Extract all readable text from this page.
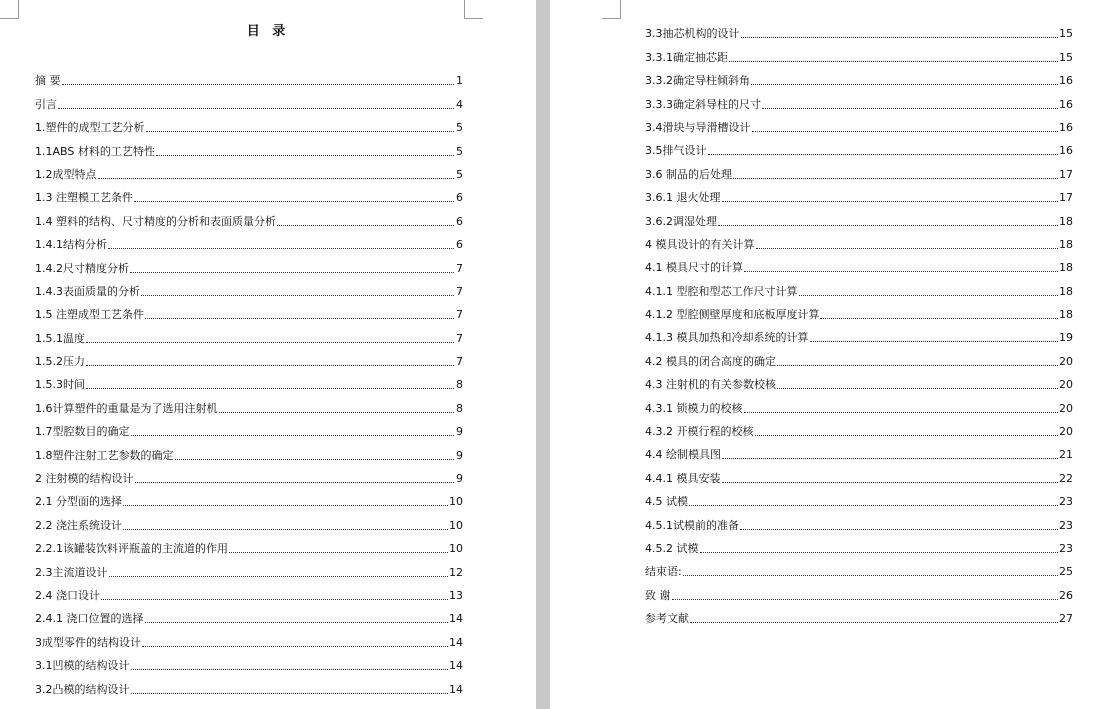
目 录
摘 要	1
引言	4
1.塑件的成型工艺分析	5
1.1ABS 材料的工艺特性	5
1.2成型特点	5
1.3 注塑模工艺条件	6
1.4 塑料的结构、尺寸精度的分析和表面质量分析	6
1.4.1结构分析	6
1.4.2尺寸精度分析	7
1.4.3表面质量的分析	7
1.5 注塑成型工艺条件	7
1.5.1温度	7
1.5.2压力	7
1.5.3时间	8
1.6计算塑件的重量是为了选用注射机	8
1.7型腔数目的确定	9
1.8塑件注射工艺参数的确定	9
2 注射模的结构设计	9
2.1 分型面的选择	10
2.2 浇注系统设计	10
2.2.1该罐装饮料评瓶盖的主流道的作用	10
2.3主流道设计	12
2.4 浇口设计	13
2.4.1 浇口位置的选择	14
3成型零件的结构设计	14
3.1凹模的结构设计	14
3.2凸模的结构设计	14
3.3抽芯机构的设计	15
3.3.1确定抽芯距	15
3.3.2确定导柱倾斜角	16
3.3.3确定斜导柱的尺寸	16
3.4滑块与导滑槽设计	16
3.5排气设计	16
3.6 制品的后处理	17
3.6.1 退火处理	17
3.6.2调湿处理	18
4 模具设计的有关计算	18
4.1 模具尺寸的计算	18
4.1.1 型腔和型芯工作尺寸计算	18
4.1.2 型腔侧壁厚度和底板厚度计算	18
4.1.3 模具加热和冷却系统的计算	19
4.2 模具的闭合高度的确定	20
4.3 注射机的有关参数校核	20
4.3.1 锁模力的校核	20
4.3.2 开模行程的校核	20
4.4 绘制模具图	21
4.4.1 模具安装	22
4.5 试模	23
4.5.1试模前的准备	23
4.5.2 试模	23
结束语:	25
致 谢	26
参考文献	27
